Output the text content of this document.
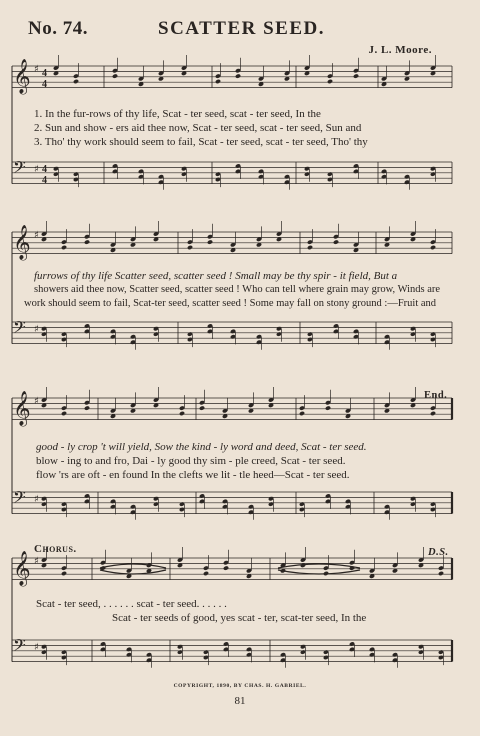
𝄞 ♯ 4
4
𝄢 ♯ 4
4
𝄞 ♯
𝄢 ♯
𝄞 ♯
𝄢 ♯
𝄞 ♯
𝄢 ♯
No. 74.	SCATTER SEED.
J. L. Moore.
1. In the fur-rows of thy life, Scat - ter seed, scat - ter seed, In the
2. Sun and show - ers aid thee now, Scat - ter seed, scat - ter seed, Sun and
3. Tho' thy work should seem to fail, Scat - ter seed, scat - ter seed, Tho' thy
furrows of thy life Scatter seed, scatter seed ! Small may be thy spir - it field, But a
showers aid thee now, Scatter seed, scatter seed ! Who can tell where grain may grow, Winds are
work should seem to fail, Scat-ter seed, scatter seed ! Some may fall on stony ground :—Fruit and
End.
good - ly crop 't will yield, Sow the kind - ly word and deed, Scat - ter seed.
blow - ing to and fro, Dai - ly good thy sim - ple creed, Scat - ter seed.
flow 'rs are oft - en found In the clefts we lit - tle heed—Scat - ter seed.
Chorus.	D.S.
Scat - ter seed, . . . . . . scat - ter seed. . . . . .
Scat - ter seeds of good, yes scat - ter, scat-ter seed, In the
COPYRIGHT, 1890, BY CHAS. H. GABRIEL.
81
